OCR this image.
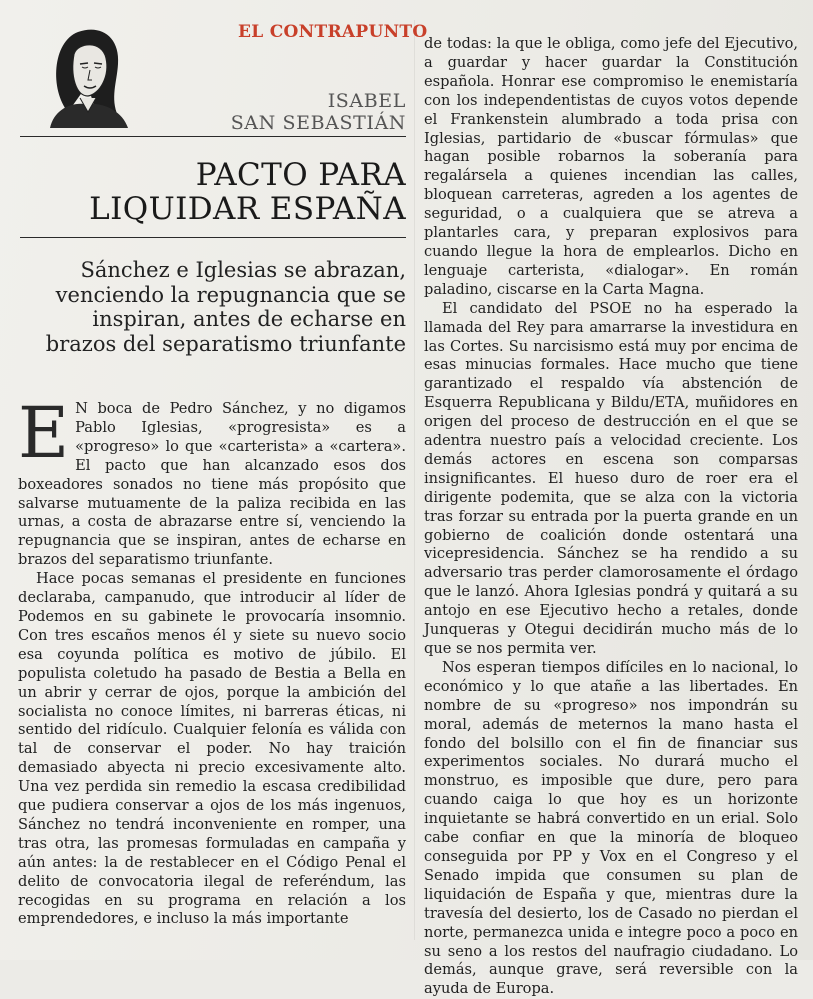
EL CONTRAPUNTO
ISABEL
SAN SEBASTIÁN
PACTO PARA
LIQUIDAR ESPAÑA
Sánchez e Iglesias se abrazan, venciendo la repugnancia que se inspiran, antes de echarse en brazos del separatismo triunfante

E N boca de Pedro Sánchez, y no digamos Pablo Iglesias, «progresista» es a «progreso» lo que «carterista» a «cartera». El pacto que han alcanzado esos dos boxeadores sonados no tiene más propósito que salvarse mutuamente de la paliza recibida en las urnas, a costa de abrazarse entre sí, venciendo la repugnancia que se inspiran, antes de echarse en brazos del separatismo triunfante.

Hace pocas semanas el presidente en funciones declaraba, campanudo, que introducir al líder de Podemos en su gabinete le provocaría insomnio. Con tres escaños menos él y siete su nuevo socio esa coyunda política es motivo de júbilo. El populista coletudo ha pasado de Bestia a Bella en un abrir y cerrar de ojos, porque la ambición del socialista no conoce límites, ni barreras éticas, ni sentido del ridículo. Cualquier felonía es válida con tal de conservar el poder. No hay traición demasiado abyecta ni precio excesivamente alto. Una vez perdida sin remedio la escasa credibilidad que pudiera conservar a ojos de los más ingenuos, Sánchez no tendrá inconveniente en romper, una tras otra, las promesas formuladas en campaña y aún antes: la de restablecer en el Código Penal el delito de convocatoria ilegal de referéndum, las recogidas en su programa en relación a los emprendedores, e incluso la más importante

de todas: la que le obliga, como jefe del Ejecutivo, a guardar y hacer guardar la Constitución española. Honrar ese compromiso le enemistaría con los independentistas de cuyos votos depende el Frankenstein alumbrado a toda prisa con Iglesias, partidario de «buscar fórmulas» que hagan posible robarnos la soberanía para regalársela a quienes incendian las calles, bloquean carreteras, agreden a los agentes de seguridad, o a cualquiera que se atreva a plantarles cara, y preparan explosivos para cuando llegue la hora de emplearlos. Dicho en lenguaje carterista, «dialogar». En román paladino, ciscarse en la Carta Magna.

El candidato del PSOE no ha esperado la llamada del Rey para amarrarse la investidura en las Cortes. Su narcisismo está muy por encima de esas minucias formales. Hace mucho que tiene garantizado el respaldo vía abstención de Esquerra Republicana y Bildu/ETA, muñidores en origen del proceso de destrucción en el que se adentra nuestro país a velocidad creciente. Los demás actores en escena son comparsas insignificantes. El hueso duro de roer era el dirigente podemita, que se alza con la victoria tras forzar su entrada por la puerta grande en un gobierno de coalición donde ostentará una vicepresidencia. Sánchez se ha rendido a su adversario tras perder clamorosamente el órdago que le lanzó. Ahora Iglesias pondrá y quitará a su antojo en ese Ejecutivo hecho a retales, donde Junqueras y Otegui decidirán mucho más de lo que se nos permita ver.

Nos esperan tiempos difíciles en lo nacional, lo económico y lo que atañe a las libertades. En nombre de su «progreso» nos impondrán su moral, además de meternos la mano hasta el fondo del bolsillo con el fin de financiar sus experimentos sociales. No durará mucho el monstruo, es imposible que dure, pero para cuando caiga lo que hoy es un horizonte inquietante se habrá convertido en un erial. Solo cabe confiar en que la minoría de bloqueo conseguida por PP y Vox en el Congreso y el Senado impida que consumen su plan de liquidación de España y que, mientras dure la travesía del desierto, los de Casado no pierdan el norte, permanezca unida e integre poco a poco en su seno a los restos del naufragio ciudadano. Lo demás, aunque grave, será reversible con la ayuda de Europa.
